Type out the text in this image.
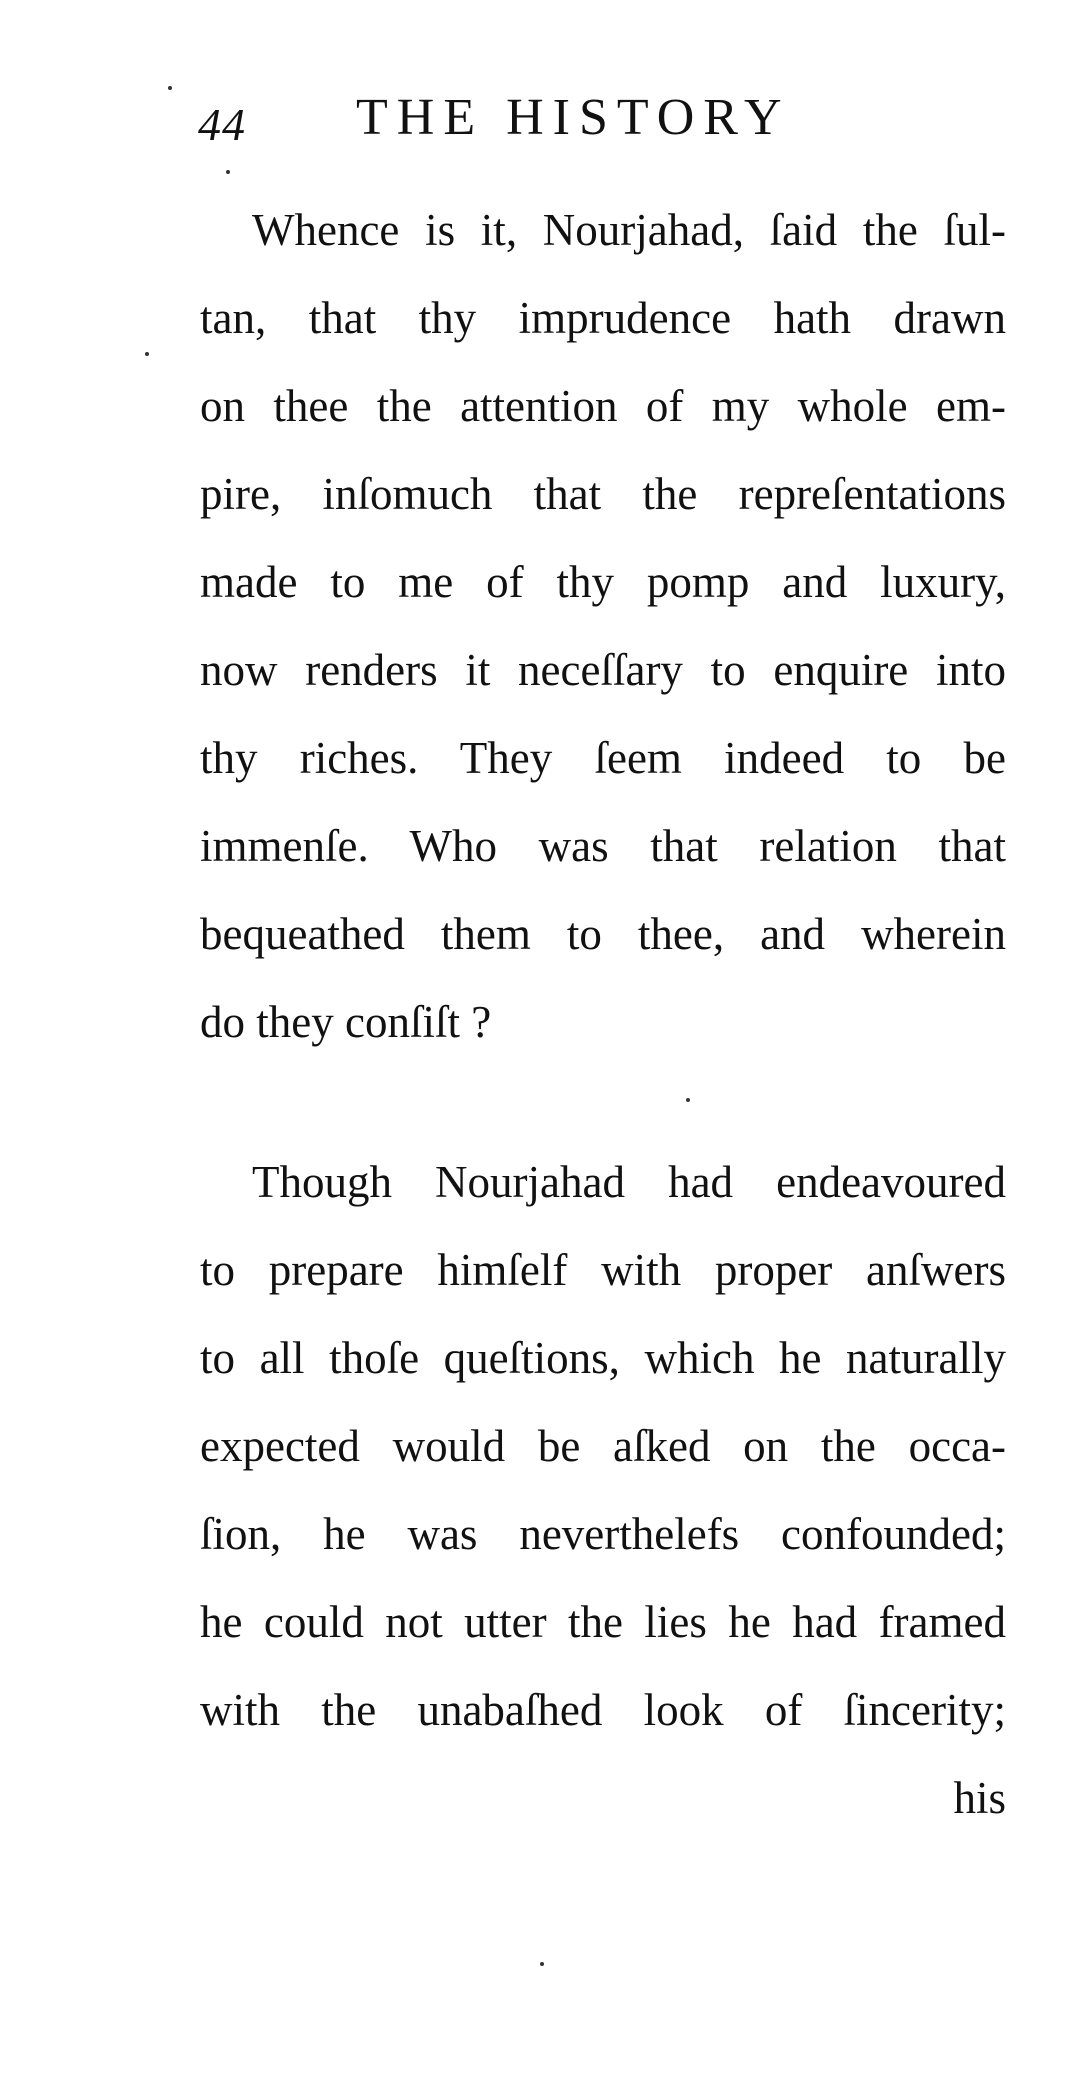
44 THE HISTORY
Whence is it, Nourjahad, ſaid the ſul-
tan, that thy imprudence hath drawn
on thee the attention of my whole em-
pire, inſomuch that the repreſentations
made to me of thy pomp and luxury,
now renders it neceſſary to enquire into
thy riches. They ſeem indeed to be
immenſe. Who was that relation that
bequeathed them to thee, and wherein
do they conſiſt ?
Though Nourjahad had endeavoured
to prepare himſelf with proper anſwers
to all thoſe queſtions, which he naturally
expected would be aſked on the occa-
ſion, he was neverthelefs confounded;
he could not utter the lies he had framed
with the unabaſhed look of ſincerity;
his
